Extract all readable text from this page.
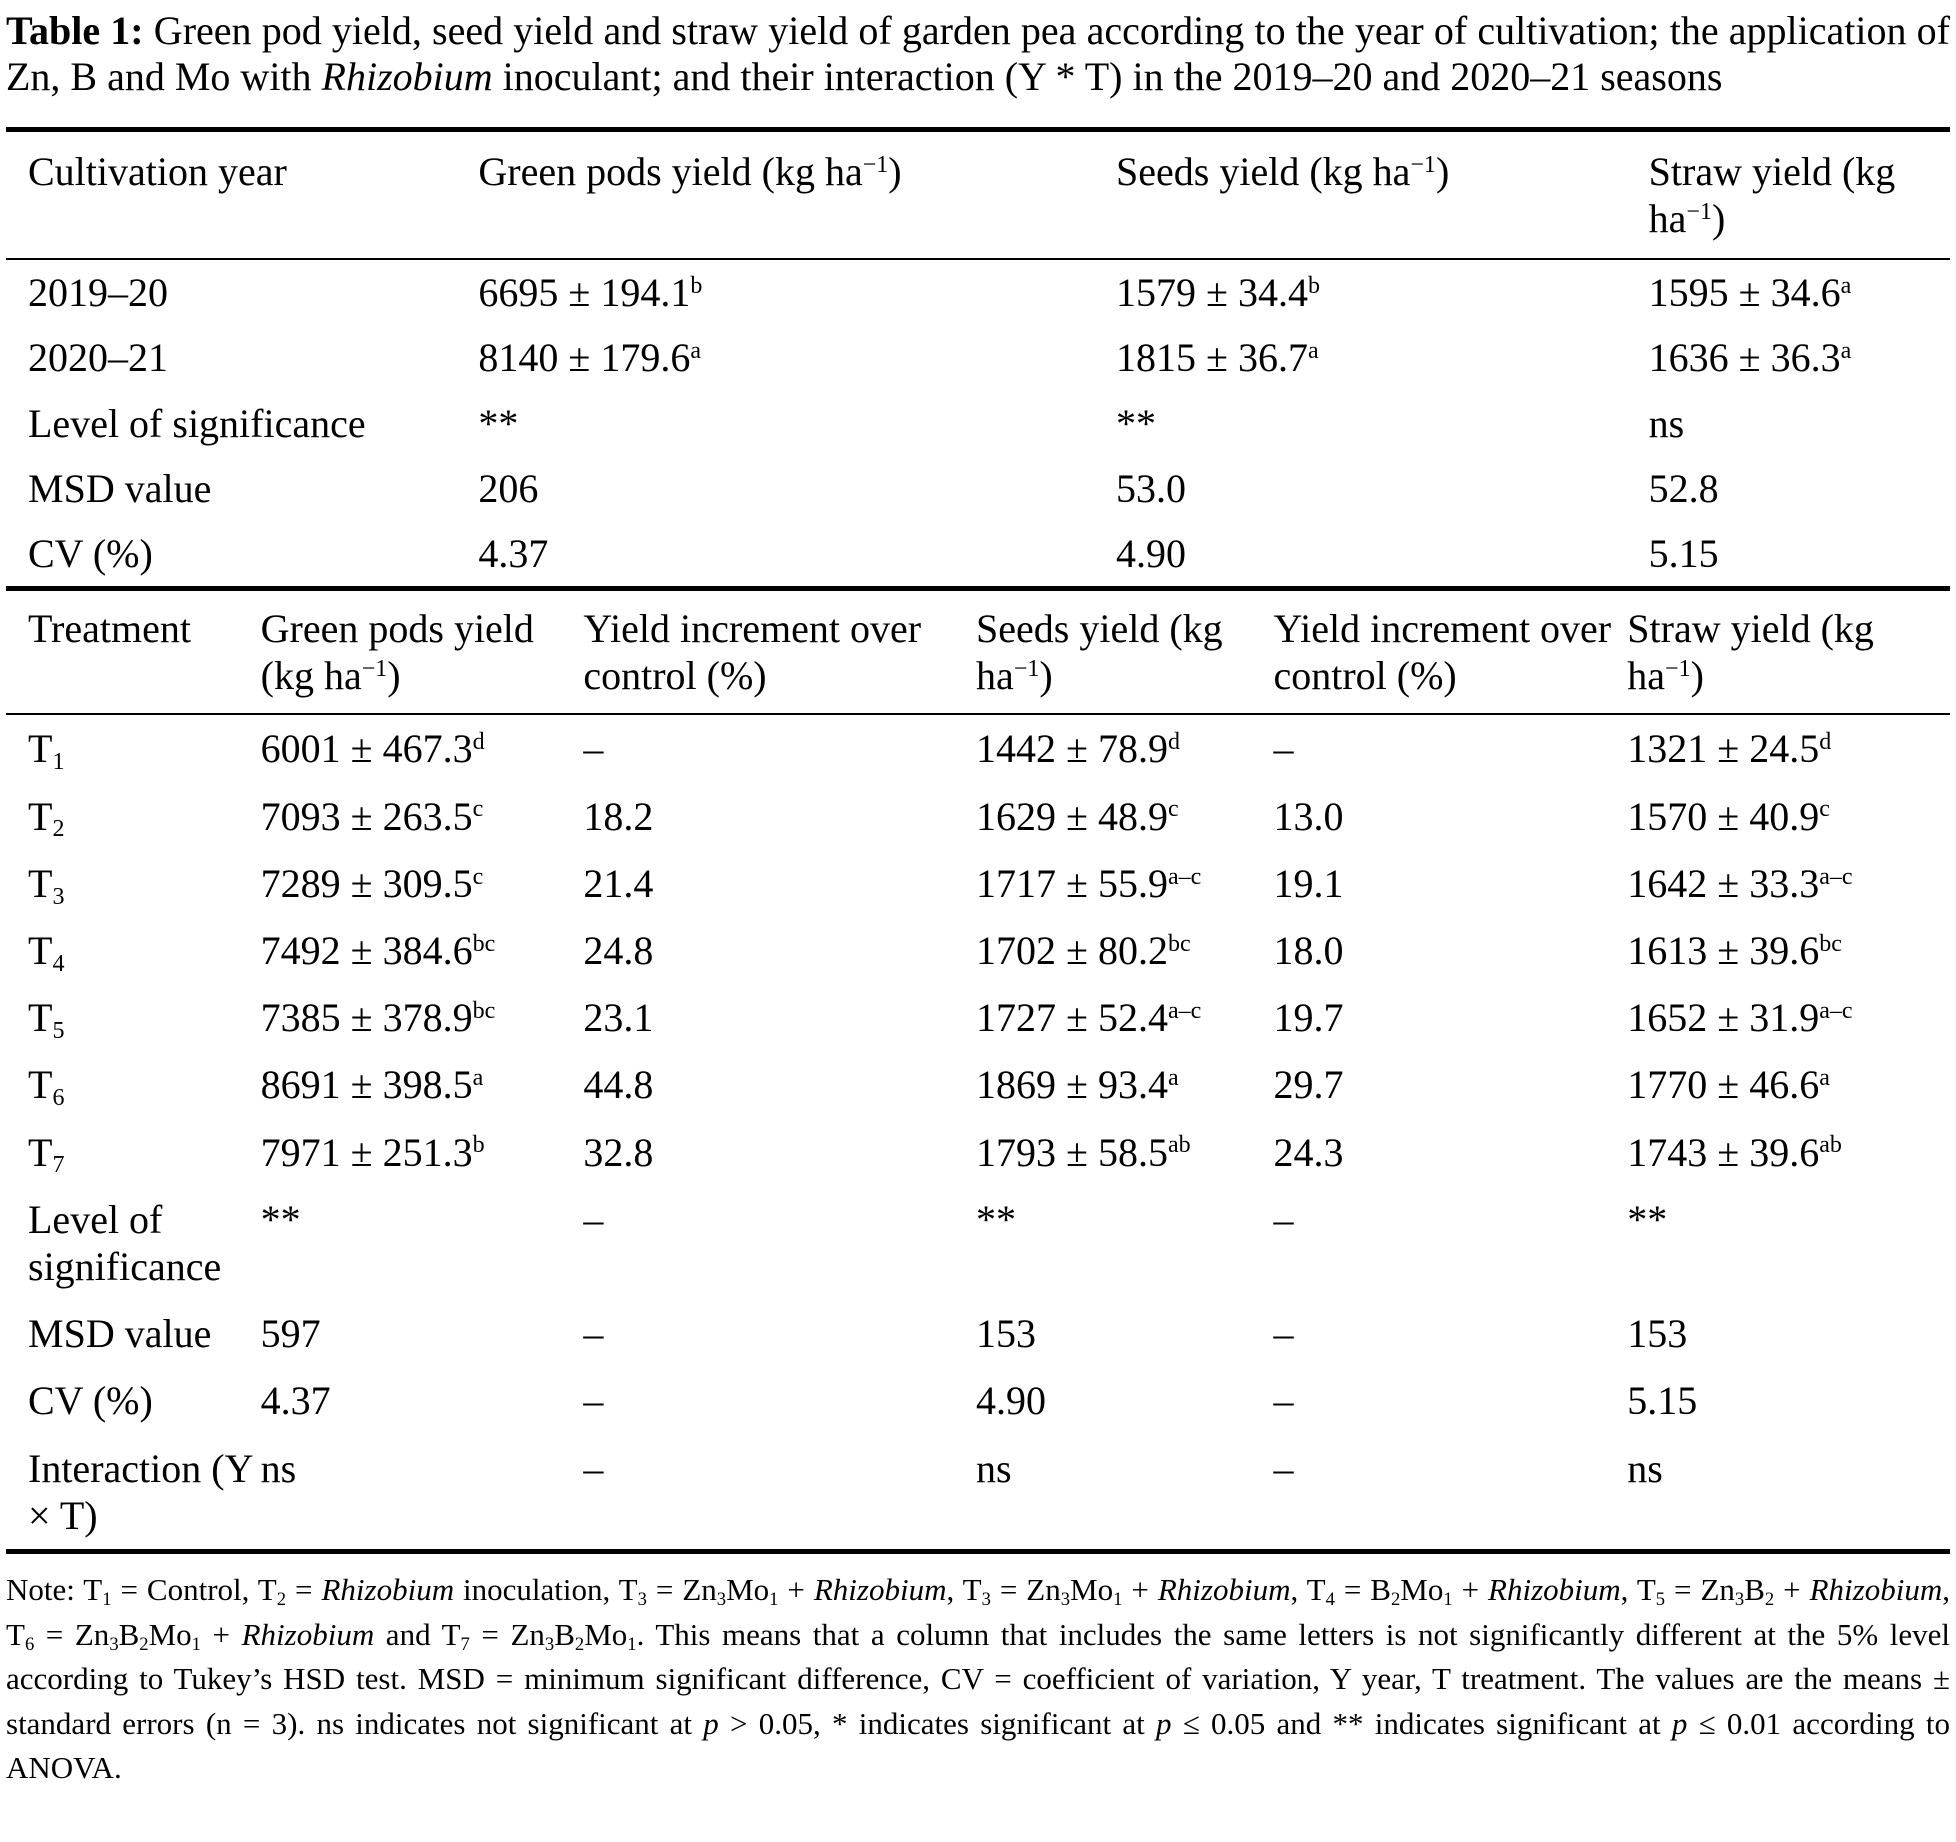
Table 1: Green pod yield, seed yield and straw yield of garden pea according to the year of cultivation; the application of Zn, B and Mo with Rhizobium inoculant; and their interaction (Y * T) in the 2019–20 and 2020–21 seasons

Cultivation year	Green pods yield (kg $ha^{-1}$)	Seeds yield (kg $ha^{-1}$)	Straw yield (kg $ha^{-1}$)
2019–20	6695 ± 194.1$^b$	1579 ± 34.4$^b$	1595 ± 34.6$^a$
2020–21	8140 ± 179.6$^a$	1815 ± 36.7$^a$	1636 ± 36.3$^a$
Level of significance	**	**	ns
MSD value	206	53.0	52.8
CV (%)	4.37	4.90	5.15
Treatment	Green pods yield (kg $ha^{-1}$)	Yield increment over control (%)	Seeds yield (kg $ha^{-1}$)	Yield increment over control (%)	Straw yield (kg $ha^{-1}$)
$T_1$	6001 ± 467.3$^d$	–	1442 ± 78.9$^d$	–	1321 ± 24.5$^d$
$T_2$	7093 ± 263.5$^c$	18.2	1629 ± 48.9$^c$	13.0	1570 ± 40.9$^c$
$T_3$	7289 ± 309.5$^c$	21.4	$1717 \pm 55.9^{a-c}$	19.1	$1642 \pm 33.3^{a-c}$
$T_4$	7492 ± 384.6$^{bc}$	24.8	1702 ± 80.2$^{bc}$	18.0	1613 ± 39.6$^{bc}$
$T_5$	7385 ± 378.9$^{bc}$	23.1	$1727 \pm 52.4^{a-c}$	19.7	$1652 \pm 31.9^{a-c}$
$T_6$	8691 ± 398.5$^a$	44.8	1869 ± 93.4$^a$	29.7	1770 ± 46.6$^a$
$T_7$	7971 ± 251.3$^b$	32.8	1793 ± 58.5$^{ab}$	24.3	1743 ± 39.6$^{ab}$
Level of significance	**	–	**	–	**
MSD value	597	–	153	–	153
CV (%)	4.37	–	4.90	–	5.15
Interaction (Y × T)	ns	–	ns	–	ns

Note: $T_1$ = Control, $T_2$ = Rhizobium inoculation, $T_3 = Zn_3Mo_1$ + Rhizobium, $T_3 = Zn_3Mo_1$ + Rhizobium, $T_4 = B_2Mo_1$ + Rhizobium, $T_5 = Zn_3B_2$ + Rhizobium, $T_6 = Zn_3B_2Mo_1$ + Rhizobium and $T_7 = Zn_3B_2Mo_1$. This means that a column that includes the same letters is not significantly different at the 5% level according to Tukey’s HSD test. MSD = minimum significant difference, CV = coefficient of variation, Y year, T treatment. The values are the means ± standard errors (n = 3). ns indicates not significant at p > 0.05, * indicates significant at p ≤ 0.05 and ** indicates significant at p ≤ 0.01 according to ANOVA.
